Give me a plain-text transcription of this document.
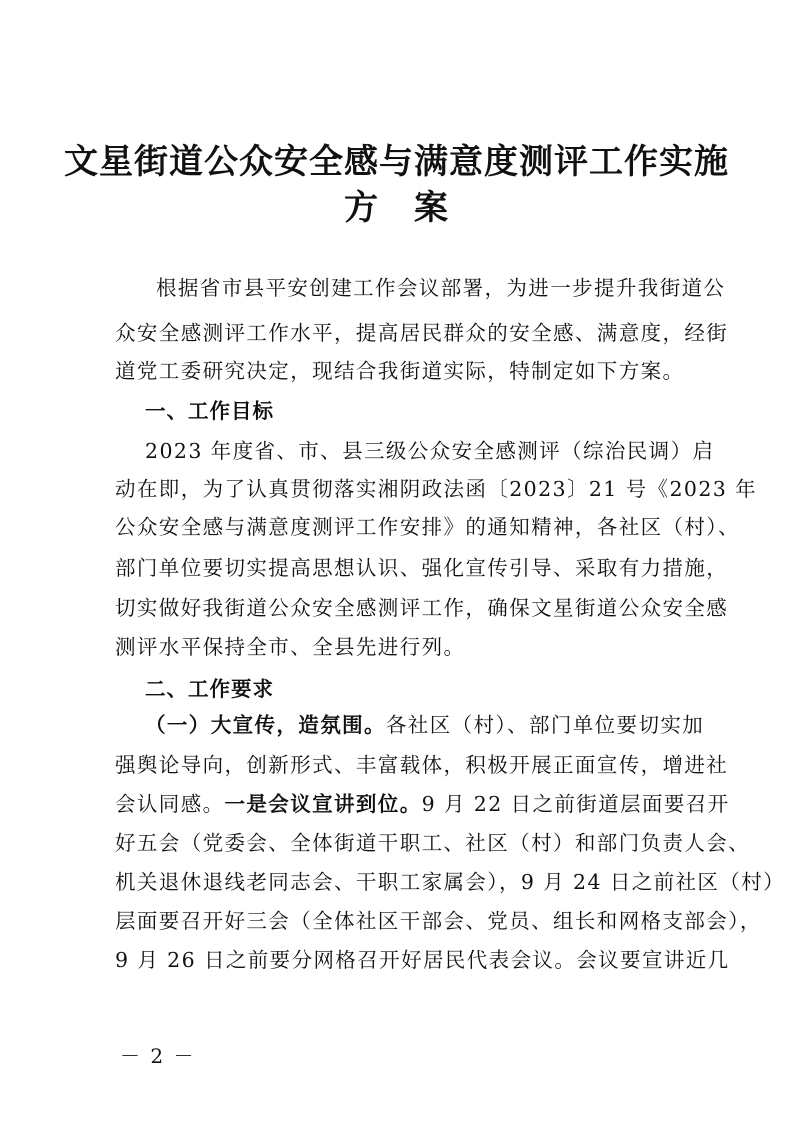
文星街道公众安全感与满意度测评工作实施
方　案
根据省市县平安创建工作会议部署，为进一步提升我街道公
众安全感测评工作水平，提高居民群众的安全感、满意度，经街
道党工委研究决定，现结合我街道实际，特制定如下方案。
一、工作目标
2023 年度省、市、县三级公众安全感测评（综治民调）启
动在即，为了认真贯彻落实湘阴政法函〔2023〕21 号《2023 年
公众安全感与满意度测评工作安排》的通知精神，各社区（村）、
部门单位要切实提高思想认识、强化宣传引导、采取有力措施，
切实做好我街道公众安全感测评工作，确保文星街道公众安全感
测评水平保持全市、全县先进行列。
二、工作要求
（一）大宣传，造氛围。各社区（村）、部门单位要切实加
强舆论导向，创新形式、丰富载体，积极开展正面宣传，增进社
会认同感。一是会议宣讲到位。9 月 22 日之前街道层面要召开
好五会（党委会、全体街道干职工、社区（村）和部门负责人会、
机关退休退线老同志会、干职工家属会），9 月 24 日之前社区（村）
层面要召开好三会（全体社区干部会、党员、组长和网格支部会），
9 月 26 日之前要分网格召开好居民代表会议。会议要宣讲近几
－ 2 －
